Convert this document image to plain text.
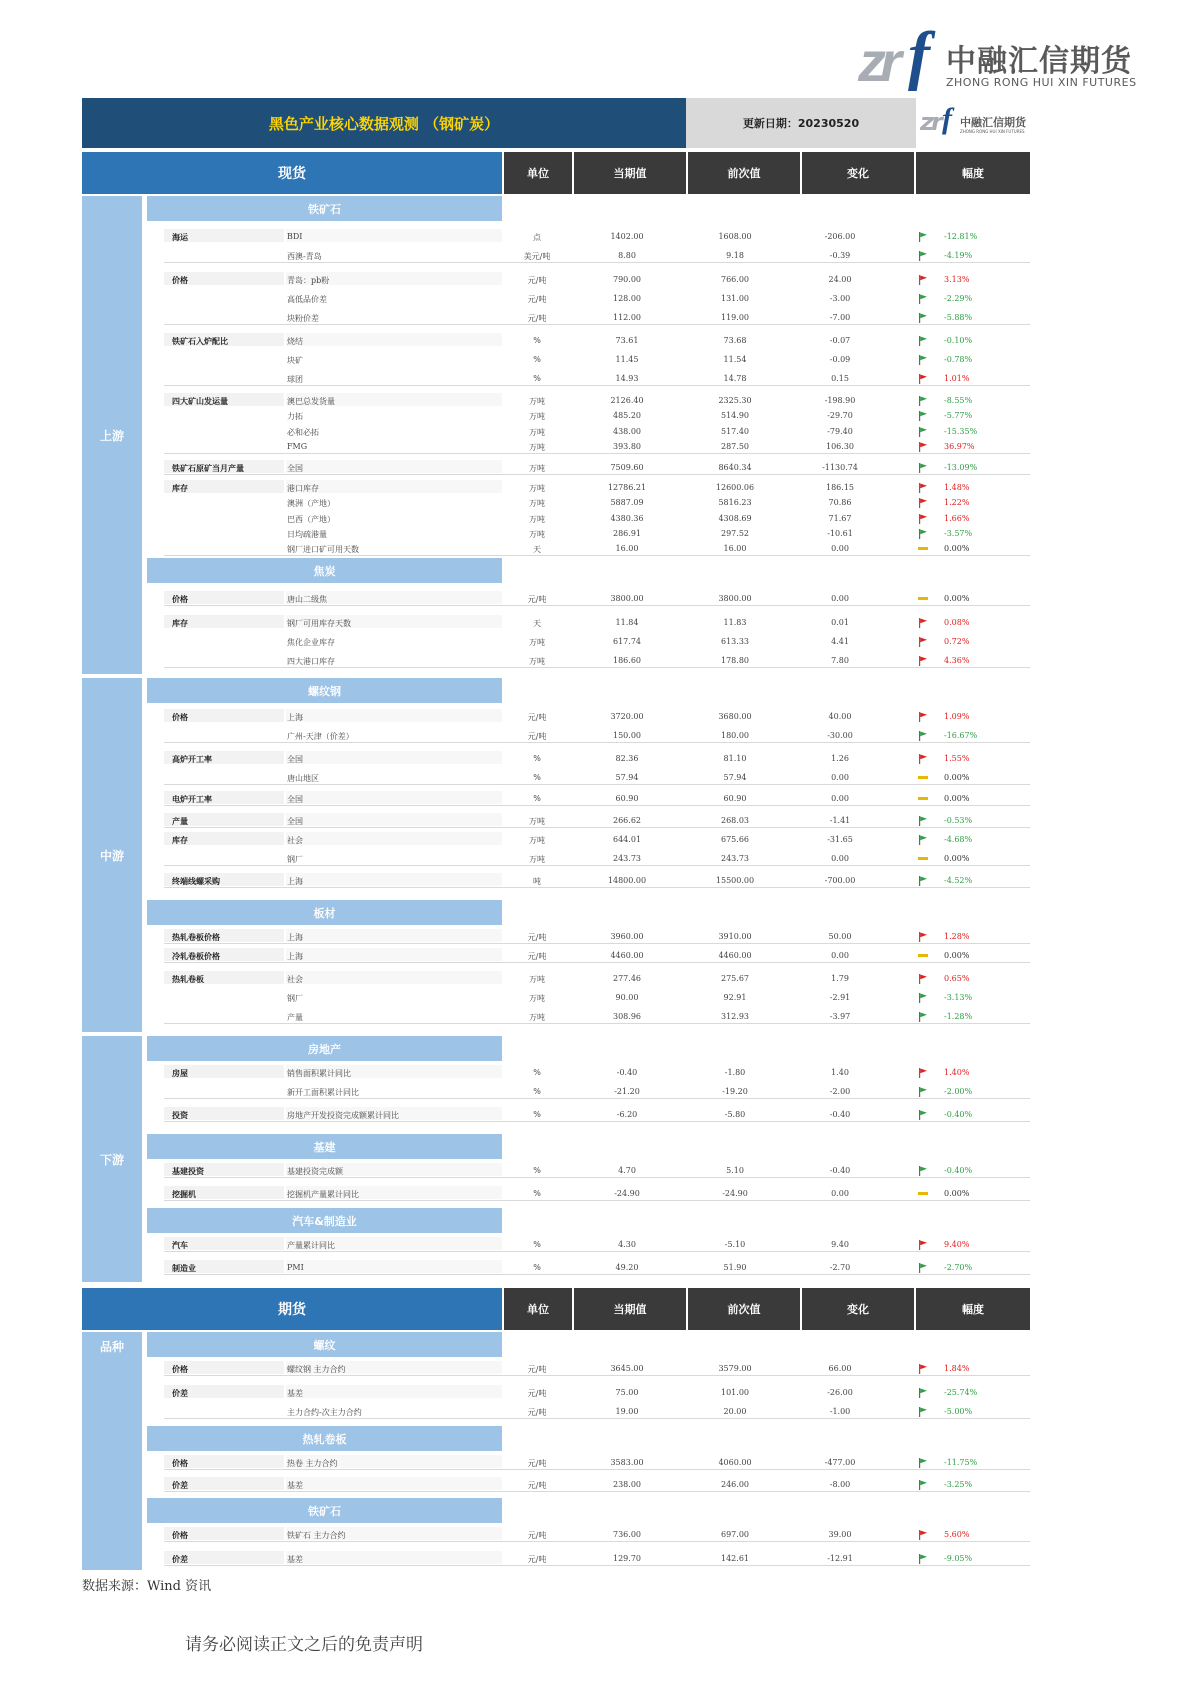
zr f 中融汇信期货
ZHONG RONG HUI XIN FUTURES
黑色产业核心数据观测 （钢矿炭）	更新日期：20230520	zr f 中融汇信期货
ZHONG RONG HUI XIN FUTURES
现货	单位	当期值	前次值	变化	幅度
上游
中游
下游
铁矿石
焦炭
螺纹钢
板材
房地产
基建
汽车&制造业
期货	单位	当期值	前次值	变化	幅度
品种	螺纹
热轧卷板
铁矿石
海运	BDI	点	1402.00	1608.00	-206.00	-12.81%
西澳-青岛	美元/吨	8.80	9.18	-0.39	-4.19%
价格	青岛：pb粉	元/吨	790.00	766.00	24.00	3.13%
高低品价差	元/吨	128.00	131.00	-3.00	-2.29%
块粉价差	元/吨	112.00	119.00	-7.00	-5.88%
铁矿石入炉配比	烧结	%	73.61	73.68	-0.07	-0.10%
块矿	%	11.45	11.54	-0.09	-0.78%
球团	%	14.93	14.78	0.15	1.01%
四大矿山发运量	澳巴总发货量	万吨	2126.40	2325.30	-198.90	-8.55%
力拓	万吨	485.20	514.90	-29.70	-5.77%
必和必拓	万吨	438.00	517.40	-79.40	-15.35%
FMG	万吨	393.80	287.50	106.30	36.97%
铁矿石原矿当月产量	全国	万吨	7509.60	8640.34	-1130.74	-13.09%
库存	港口库存	万吨	12786.21	12600.06	186.15	1.48%
澳洲（产地）	万吨	5887.09	5816.23	70.86	1.22%
巴西（产地）	万吨	4380.36	4308.69	71.67	1.66%
日均疏港量	万吨	286.91	297.52	-10.61	-3.57%
钢厂进口矿可用天数	天	16.00	16.00	0.00	0.00%
价格	唐山二级焦	元/吨	3800.00	3800.00	0.00	0.00%
库存	钢厂可用库存天数	天	11.84	11.83	0.01	0.08%
焦化企业库存	万吨	617.74	613.33	4.41	0.72%
四大港口库存	万吨	186.60	178.80	7.80	4.36%
价格	上海	元/吨	3720.00	3680.00	40.00	1.09%
广州-天津（价差）	元/吨	150.00	180.00	-30.00	-16.67%
高炉开工率	全国	%	82.36	81.10	1.26	1.55%
唐山地区	%	57.94	57.94	0.00	0.00%
电炉开工率	全国	%	60.90	60.90	0.00	0.00%
产量	全国	万吨	266.62	268.03	-1.41	-0.53%
库存	社会	万吨	644.01	675.66	-31.65	-4.68%
钢厂	万吨	243.73	243.73	0.00	0.00%
终端线螺采购	上海	吨	14800.00	15500.00	-700.00	-4.52%
热轧卷板价格	上海	元/吨	3960.00	3910.00	50.00	1.28%
冷轧卷板价格	上海	元/吨	4460.00	4460.00	0.00	0.00%
热轧卷板	社会	万吨	277.46	275.67	1.79	0.65%
钢厂	万吨	90.00	92.91	-2.91	-3.13%
产量	万吨	308.96	312.93	-3.97	-1.28%
房屋	销售面积累计同比	%	-0.40	-1.80	1.40	1.40%
新开工面积累计同比	%	-21.20	-19.20	-2.00	-2.00%
投资	房地产开发投资完成额累计同比	%	-6.20	-5.80	-0.40	-0.40%
基建投资	基建投资完成额	%	4.70	5.10	-0.40	-0.40%
挖掘机	挖掘机产量累计同比	%	-24.90	-24.90	0.00	0.00%
汽车	产量累计同比	%	4.30	-5.10	9.40	9.40%
制造业	PMI	%	49.20	51.90	-2.70	-2.70%
价格	螺纹钢 主力合约	元/吨	3645.00	3579.00	66.00	1.84%
价差	基差	元/吨	75.00	101.00	-26.00	-25.74%
主力合约-次主力合约	元/吨	19.00	20.00	-1.00	-5.00%
价格	热卷 主力合约	元/吨	3583.00	4060.00	-477.00	-11.75%
价差	基差	元/吨	238.00	246.00	-8.00	-3.25%
价格	铁矿石 主力合约	元/吨	736.00	697.00	39.00	5.60%
价差	基差	元/吨	129.70	142.61	-12.91	-9.05%
数据来源：Wind 资讯
请务必阅读正文之后的免责声明
